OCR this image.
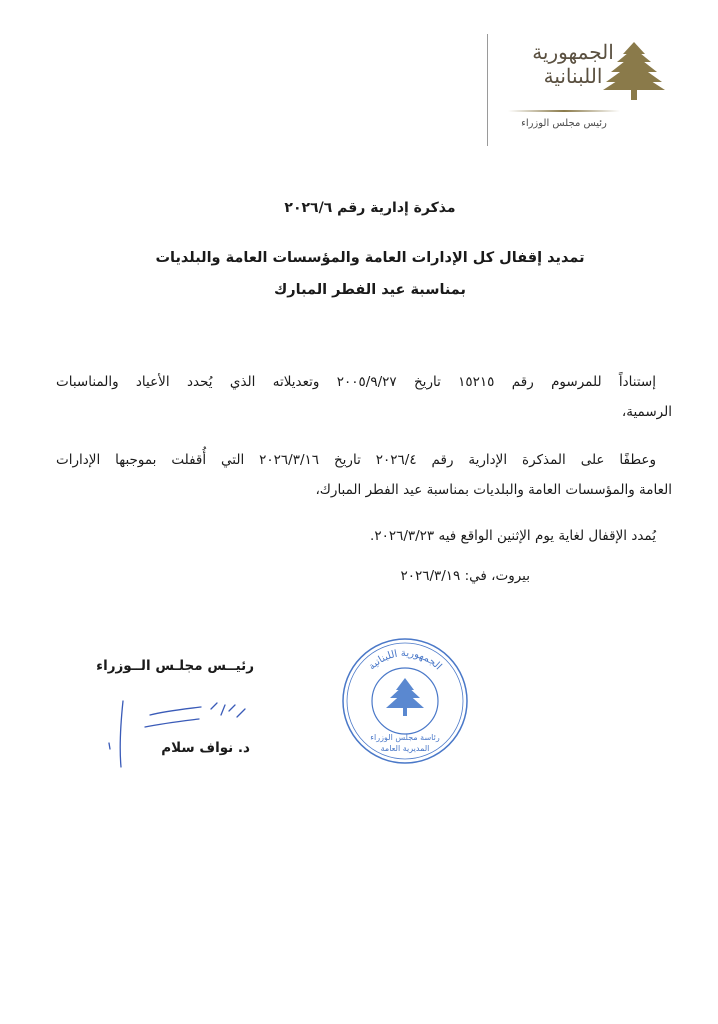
الجمهورية
اللبنانية
رئيس مجلس الوزراء
مذكرة إدارية رقم ٢٠٢٦/٦
تمديد إقفال كل الإدارات العامة والمؤسسات العامة والبلديات
بمناسبة عيد الفطر المبارك
إستناداً للمرسوم رقم ١٥٢١٥ تاريخ ٢٠٠٥/٩/٢٧ وتعديلاته الذي يُحدد الأعياد والمناسبات
الرسمية،
وعطفًا على المذكرة الإدارية رقم ٢٠٢٦/٤ تاريخ ٢٠٢٦/٣/١٦ التي أُقفلت بموجبها الإدارات
العامة والمؤسسات العامة والبلديات بمناسبة عيد الفطر المبارك،
يُمدد الإقفال لغاية يوم الإثنين الواقع فيه ٢٠٢٦/٣/٢٣.
بيروت، في: ٢٠٢٦/٣/١٩
الجمهورية اللبنانية
رئاسة مجلس الوزراء
المديرية العامة
رئيــس مجلـس الــوزراء
د. نواف سلام
